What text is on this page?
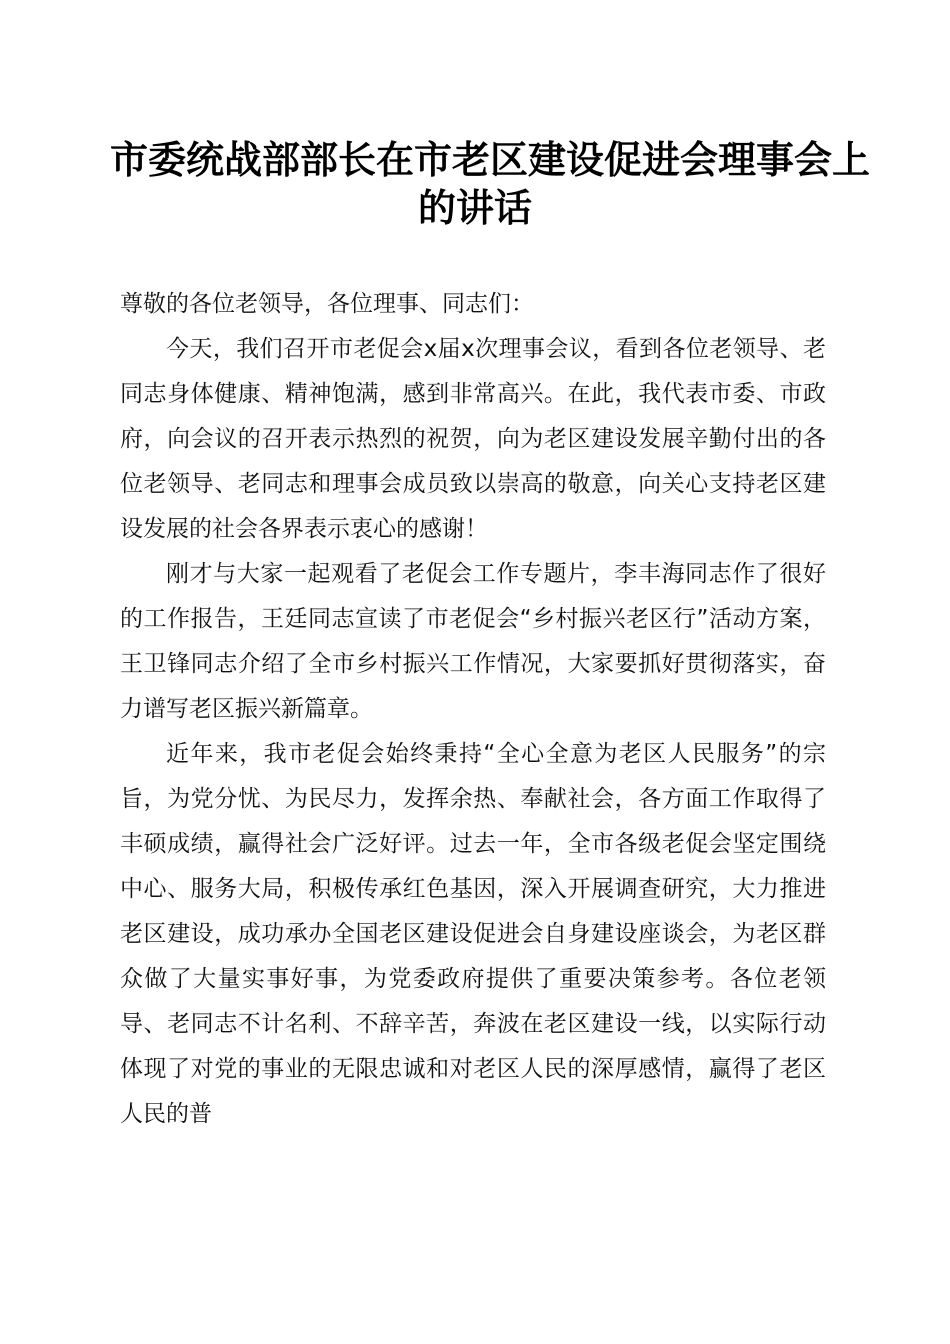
市委统战部部长在市老区建设促进会理事会上
的讲话

尊敬的各位老领导，各位理事、同志们：

今天，我们召开市老促会x届x次理事会议，看到各位老领导、老同志身体健康、精神饱满，感到非常高兴。在此，我代表市委、市政府，向会议的召开表示热烈的祝贺，向为老区建设发展辛勤付出的各位老领导、老同志和理事会成员致以崇高的敬意，向关心支持老区建设发展的社会各界表示衷心的感谢！

刚才与大家一起观看了老促会工作专题片，李丰海同志作了很好的工作报告，王廷同志宣读了市老促会“乡村振兴老区行”活动方案，王卫锋同志介绍了全市乡村振兴工作情况，大家要抓好贯彻落实，奋力谱写老区振兴新篇章。

近年来，我市老促会始终秉持“全心全意为老区人民服务”的宗旨，为党分忧、为民尽力，发挥余热、奉献社会，各方面工作取得了丰硕成绩，赢得社会广泛好评。过去一年，全市各级老促会坚定围绕中心、服务大局，积极传承红色基因，深入开展调查研究，大力推进老区建设，成功承办全国老区建设促进会自身建设座谈会，为老区群众做了大量实事好事，为党委政府提供了重要决策参考。各位老领导、老同志不计名利、不辞辛苦，奔波在老区建设一线，以实际行动体现了对党的事业的无限忠诚和对老区人民的深厚感情，赢得了老区人民的普
